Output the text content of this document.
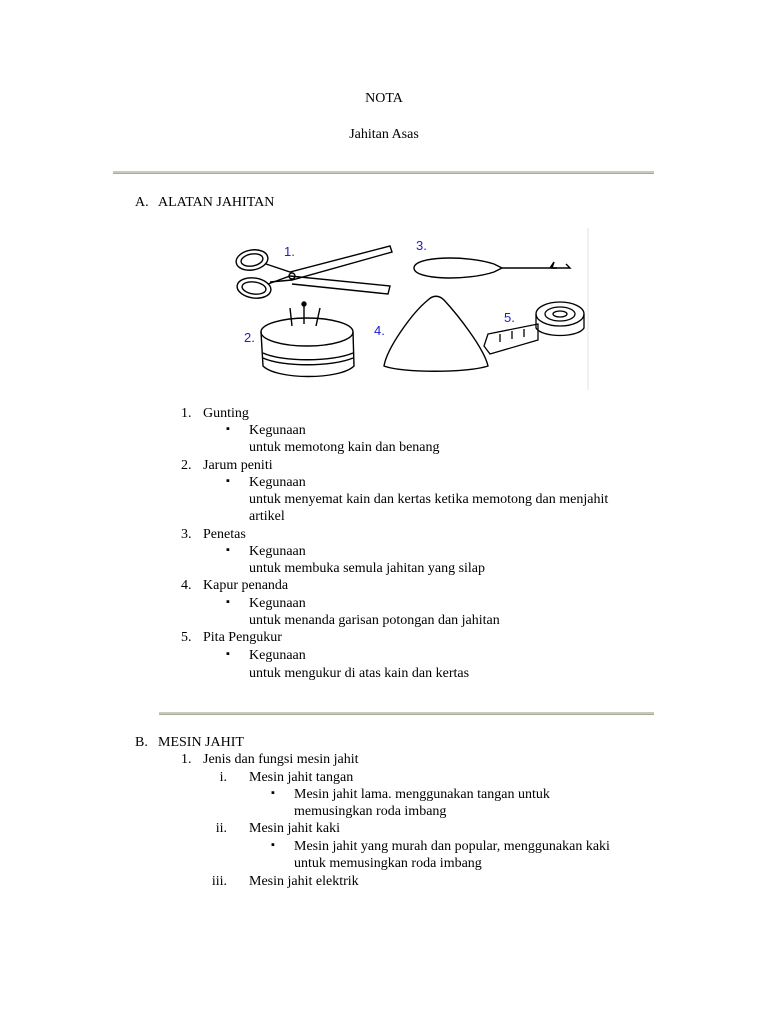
NOTA
Jahitan Asas
A. ALATAN JAHITAN
1.
2.
3.
4.
5.
1. Gunting
▪ Kegunaan
untuk memotong kain dan benang
2. Jarum peniti
▪ Kegunaan
untuk menyemat kain dan kertas ketika memotong dan menjahit
artikel
3. Penetas
▪ Kegunaan
untuk membuka semula jahitan yang silap
4. Kapur penanda
▪ Kegunaan
untuk menanda garisan potongan dan jahitan
5. Pita Pengukur
▪ Kegunaan
untuk mengukur di atas kain dan kertas
B. MESIN JAHIT
1. Jenis dan fungsi mesin jahit
i. Mesin jahit tangan
▪ Mesin jahit lama. menggunakan tangan untuk
memusingkan roda imbang
ii. Mesin jahit kaki
▪ Mesin jahit yang murah dan popular, menggunakan kaki
untuk memusingkan roda imbang
iii. Mesin jahit elektrik
